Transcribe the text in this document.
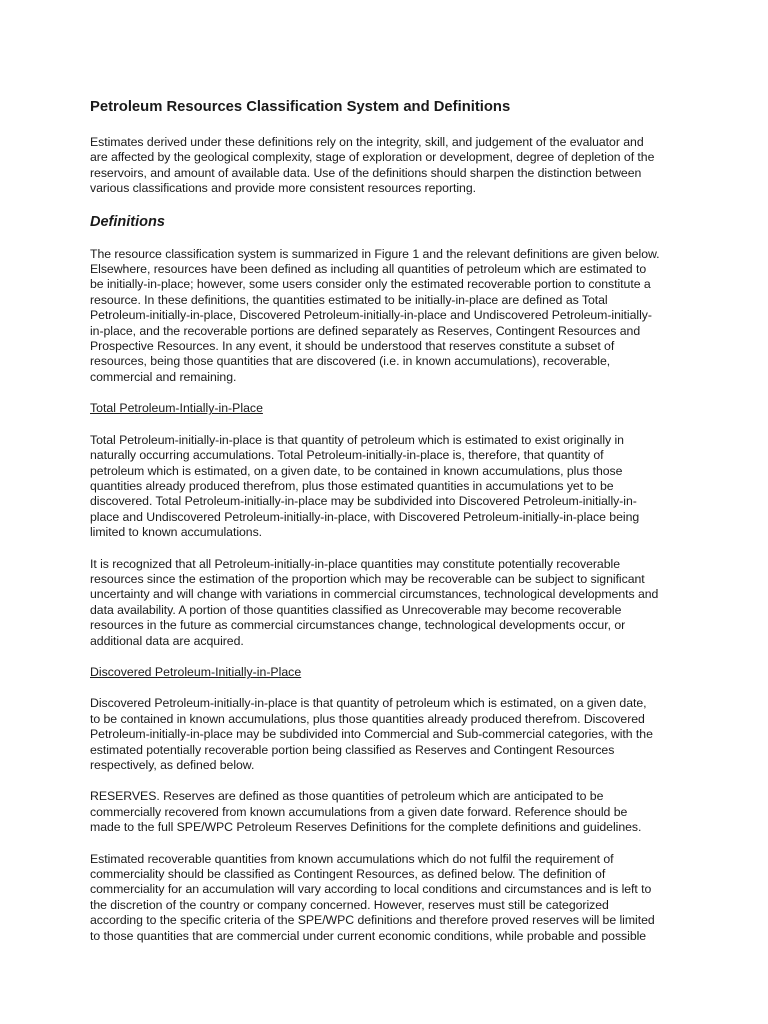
Petroleum Resources Classification System and Definitions
Estimates derived under these definitions rely on the integrity, skill, and judgement of the evaluator and
are affected by the geological complexity, stage of exploration or development, degree of depletion of the
reservoirs, and amount of available data. Use of the definitions should sharpen the distinction between
various classifications and provide more consistent resources reporting.
Definitions
The resource classification system is summarized in Figure 1 and the relevant definitions are given below.
Elsewhere, resources have been defined as including all quantities of petroleum which are estimated to
be initially-in-place; however, some users consider only the estimated recoverable portion to constitute a
resource. In these definitions, the quantities estimated to be initially-in-place are defined as Total
Petroleum-initially-in-place, Discovered Petroleum-initially-in-place and Undiscovered Petroleum-initially-
in-place, and the recoverable portions are defined separately as Reserves, Contingent Resources and
Prospective Resources. In any event, it should be understood that reserves constitute a subset of
resources, being those quantities that are discovered (i.e. in known accumulations), recoverable,
commercial and remaining.
Total Petroleum-Intially-in-Place
Total Petroleum-initially-in-place is that quantity of petroleum which is estimated to exist originally in
naturally occurring accumulations. Total Petroleum-initially-in-place is, therefore, that quantity of
petroleum which is estimated, on a given date, to be contained in known accumulations, plus those
quantities already produced therefrom, plus those estimated quantities in accumulations yet to be
discovered. Total Petroleum-initially-in-place may be subdivided into Discovered Petroleum-initially-in-
place and Undiscovered Petroleum-initially-in-place, with Discovered Petroleum-initially-in-place being
limited to known accumulations.
It is recognized that all Petroleum-initially-in-place quantities may constitute potentially recoverable
resources since the estimation of the proportion which may be recoverable can be subject to significant
uncertainty and will change with variations in commercial circumstances, technological developments and
data availability. A portion of those quantities classified as Unrecoverable may become recoverable
resources in the future as commercial circumstances change, technological developments occur, or
additional data are acquired.
Discovered Petroleum-Initially-in-Place
Discovered Petroleum-initially-in-place is that quantity of petroleum which is estimated, on a given date,
to be contained in known accumulations, plus those quantities already produced therefrom. Discovered
Petroleum-initially-in-place may be subdivided into Commercial and Sub-commercial categories, with the
estimated potentially recoverable portion being classified as Reserves and Contingent Resources
respectively, as defined below.
RESERVES. Reserves are defined as those quantities of petroleum which are anticipated to be
commercially recovered from known accumulations from a given date forward. Reference should be
made to the full SPE/WPC Petroleum Reserves Definitions for the complete definitions and guidelines.
Estimated recoverable quantities from known accumulations which do not fulfil the requirement of
commerciality should be classified as Contingent Resources, as defined below. The definition of
commerciality for an accumulation will vary according to local conditions and circumstances and is left to
the discretion of the country or company concerned. However, reserves must still be categorized
according to the specific criteria of the SPE/WPC definitions and therefore proved reserves will be limited
to those quantities that are commercial under current economic conditions, while probable and possible
